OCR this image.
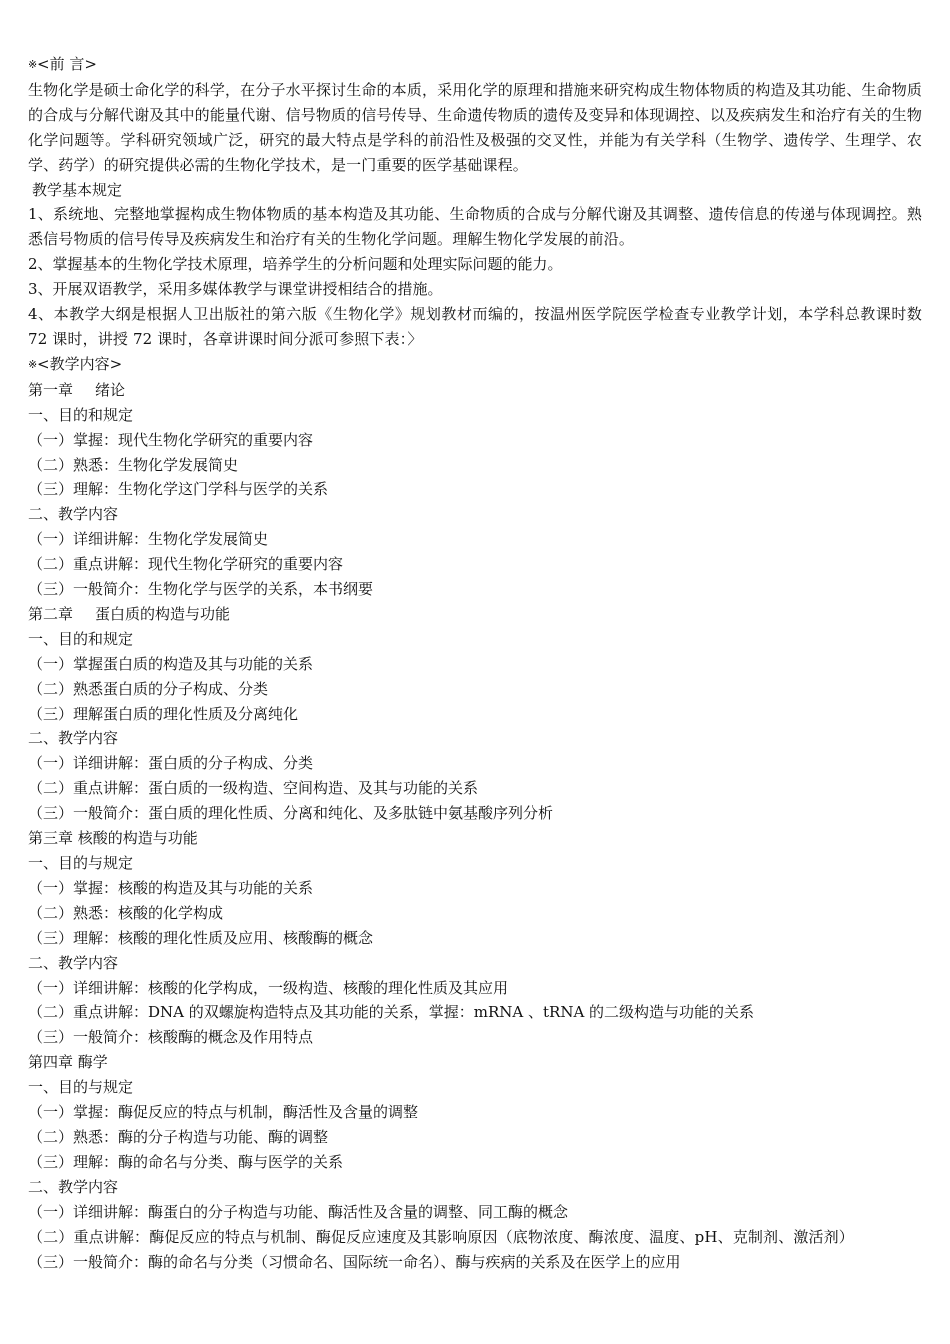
※ <前 言>
生物化学是硕士命化学的科学，在分子水平探讨生命的本质，采用化学的原理和措施来研究构成生物体物质的构造及其功能、生命物质的合成与分解代谢及其中的能量代谢、信号物质的信号传导、生命遗传物质的遗传及变异和体现调控、以及疾病发生和治疗有关的生物化学问题等。学科研究领域广泛，研究的最大特点是学科的前沿性及极强的交叉性，并能为有关学科（生物学、遗传学、生理学、农学、药学）的研究提供必需的生物化学技术，是一门重要的医学基础课程。
教学基本规定
1、系统地、完整地掌握构成生物体物质的基本构造及其功能、生命物质的合成与分解代谢及其调整、遗传信息的传递与体现调控。熟悉信号物质的信号传导及疾病发生和治疗有关的生物化学问题。理解生物化学发展的前沿。
2、掌握基本的生物化学技术原理，培养学生的分析问题和处理实际问题的能力。
3、开展双语教学，采用多媒体教学与课堂讲授相结合的措施。
4、本教学大纲是根据人卫出版社的第六版《生物化学》规划教材而编的，按温州医学院医学检查专业教学计划，本学科总教课时数 72 课时，讲授 72 课时，各章讲课时间分派可参照下表：〉
※ <教学内容>
第一章 绪论
一、目的和规定
（一）掌握：现代生物化学研究的重要内容
（二）熟悉：生物化学发展简史
（三）理解：生物化学这门学科与医学的关系
二、教学内容
（一）详细讲解：生物化学发展简史
（二）重点讲解：现代生物化学研究的重要内容
（三）一般简介：生物化学与医学的关系，本书纲要
第二章 蛋白质的构造与功能
一、目的和规定
（一）掌握蛋白质的构造及其与功能的关系
（二）熟悉蛋白质的分子构成、分类
（三）理解蛋白质的理化性质及分离纯化
二、教学内容
（一）详细讲解：蛋白质的分子构成、分类
（二）重点讲解：蛋白质的一级构造、空间构造、及其与功能的关系
（三）一般简介：蛋白质的理化性质、分离和纯化、及多肽链中氨基酸序列分析
第三章 核酸的构造与功能
一、目的与规定
（一）掌握：核酸的构造及其与功能的关系
（二）熟悉：核酸的化学构成
（三）理解：核酸的理化性质及应用、核酸酶的概念
二、教学内容
（一）详细讲解：核酸的化学构成，一级构造、核酸的理化性质及其应用
（二）重点讲解：DNA 的双螺旋构造特点及其功能的关系，掌握：mRNA 、tRNA 的二级构造与功能的关系
（三）一般简介：核酸酶的概念及作用特点
第四章 酶学
一、目的与规定
（一）掌握：酶促反应的特点与机制，酶活性及含量的调整
（二）熟悉：酶的分子构造与功能、酶的调整
（三）理解：酶的命名与分类、酶与医学的关系
二、教学内容
（一）详细讲解：酶蛋白的分子构造与功能、酶活性及含量的调整、同工酶的概念
（二）重点讲解：酶促反应的特点与机制、酶促反应速度及其影响原因（底物浓度、酶浓度、温度、pH、克制剂、激活剂）
（三）一般简介：酶的命名与分类（习惯命名、国际统一命名）、酶与疾病的关系及在医学上的应用
